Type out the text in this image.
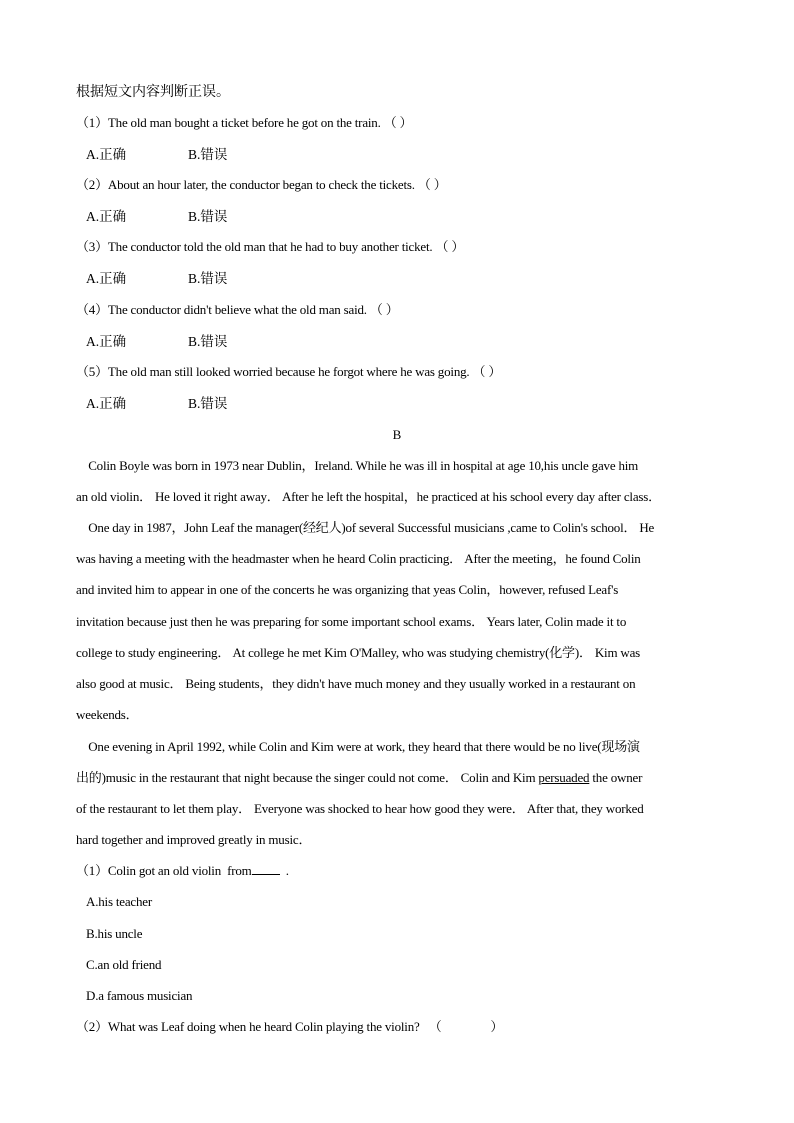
根据短文内容判断正误。
（1）The old man bought a ticket before he got on the train. （ ）
A.正确	B.错误
（2）About an hour later, the conductor began to check the tickets. （ ）
A.正确	B.错误
（3）The conductor told the old man that he had to buy another ticket. （ ）
A.正确	B.错误
（4）The conductor didn't believe what the old man said. （ ）
A.正确	B.错误
（5）The old man still looked worried because he forgot where he was going. （ ）
A.正确	B.错误
B
Colin Boyle was born in 1973 near Dublin，Ireland. While he was ill in hospital at age 10,his uncle gave him
an old violin． He loved it right away． After he left the hospital，he practiced at his school every day after class．
One day in 1987，John Leaf the manager(经纪人)of several Successful musicians ,came to Colin's school． He
was having a meeting with the headmaster when he heard Colin practicing． After the meeting，he found Colin
and invited him to appear in one of the concerts he was organizing that yeas Colin，however, refused Leaf's
invitation because just then he was preparing for some important school exams． Years later, Colin made it to
college to study engineering． At college he met Kim O'Malley, who was studying chemistry(化学)． Kim was
also good at music． Being students，they didn't have much money and they usually worked in a restaurant on
weekends．
One evening in April 1992, while Colin and Kim were at work, they heard that there would be no live(现场演
出的)music in the restaurant that night because the singer could not come． Colin and Kim persuaded the owner
of the restaurant to let them play． Everyone was shocked to hear how good they were． After that, they worked
hard together and improved greatly in music．
（1）Colin got an old violin  from  .
A.his teacher
B.his uncle
C.an old friend
D.a famous musician
（2）What was Leaf doing when he heard Colin playing the violin?   （                ）
